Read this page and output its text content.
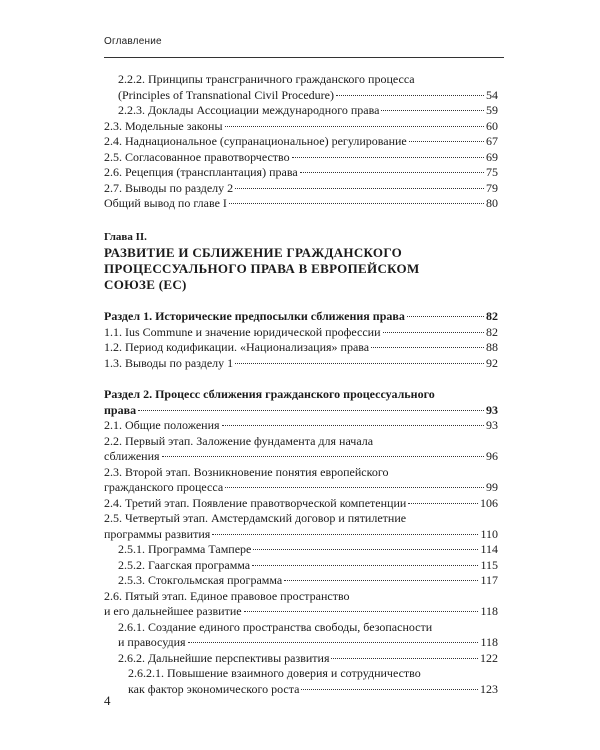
Оглавление
2.2.2. Принципы трансграничного гражданского процесса
(Principles of Transnational Civil Procedure)	54
2.2.3. Доклады Ассоциации международного права	59
2.3. Модельные законы	60
2.4. Наднациональное (супранациональное) регулирование	67
2.5. Согласованное правотворчество	69
2.6. Рецепция (трансплантация) права	75
2.7. Выводы по разделу 2	79
Общий вывод по главе I	80
Глава II.
РАЗВИТИЕ И СБЛИЖЕНИЕ ГРАЖДАНСКОГО
ПРОЦЕССУАЛЬНОГО ПРАВА В ЕВРОПЕЙСКОМ
СОЮЗЕ (ЕС)
Раздел 1. Исторические предпосылки сближения права	82
1.1. Ius Commune и значение юридической профессии	82
1.2. Период кодификации. «Национализация» права	88
1.3. Выводы по разделу 1	92
Раздел 2. Процесс сближения гражданского процессуального
права	93
2.1. Общие положения	93
2.2. Первый этап. Заложение фундамента для начала
сближения	96
2.3. Второй этап. Возникновение понятия европейского
гражданского процесса	99
2.4. Третий этап. Появление правотворческой компетенции	106
2.5. Четвертый этап. Амстердамский договор и пятилетние
программы развития	110
2.5.1. Программа Тампере	114
2.5.2. Гаагская программа	115
2.5.3. Стокгольмская программа	117
2.6. Пятый этап. Единое правовое пространство
и его дальнейшее развитие	118
2.6.1. Создание единого пространства свободы, безопасности
и правосудия	118
2.6.2. Дальнейшие перспективы развития	122
2.6.2.1. Повышение взаимного доверия и сотрудничество
как фактор экономического роста	123
4
